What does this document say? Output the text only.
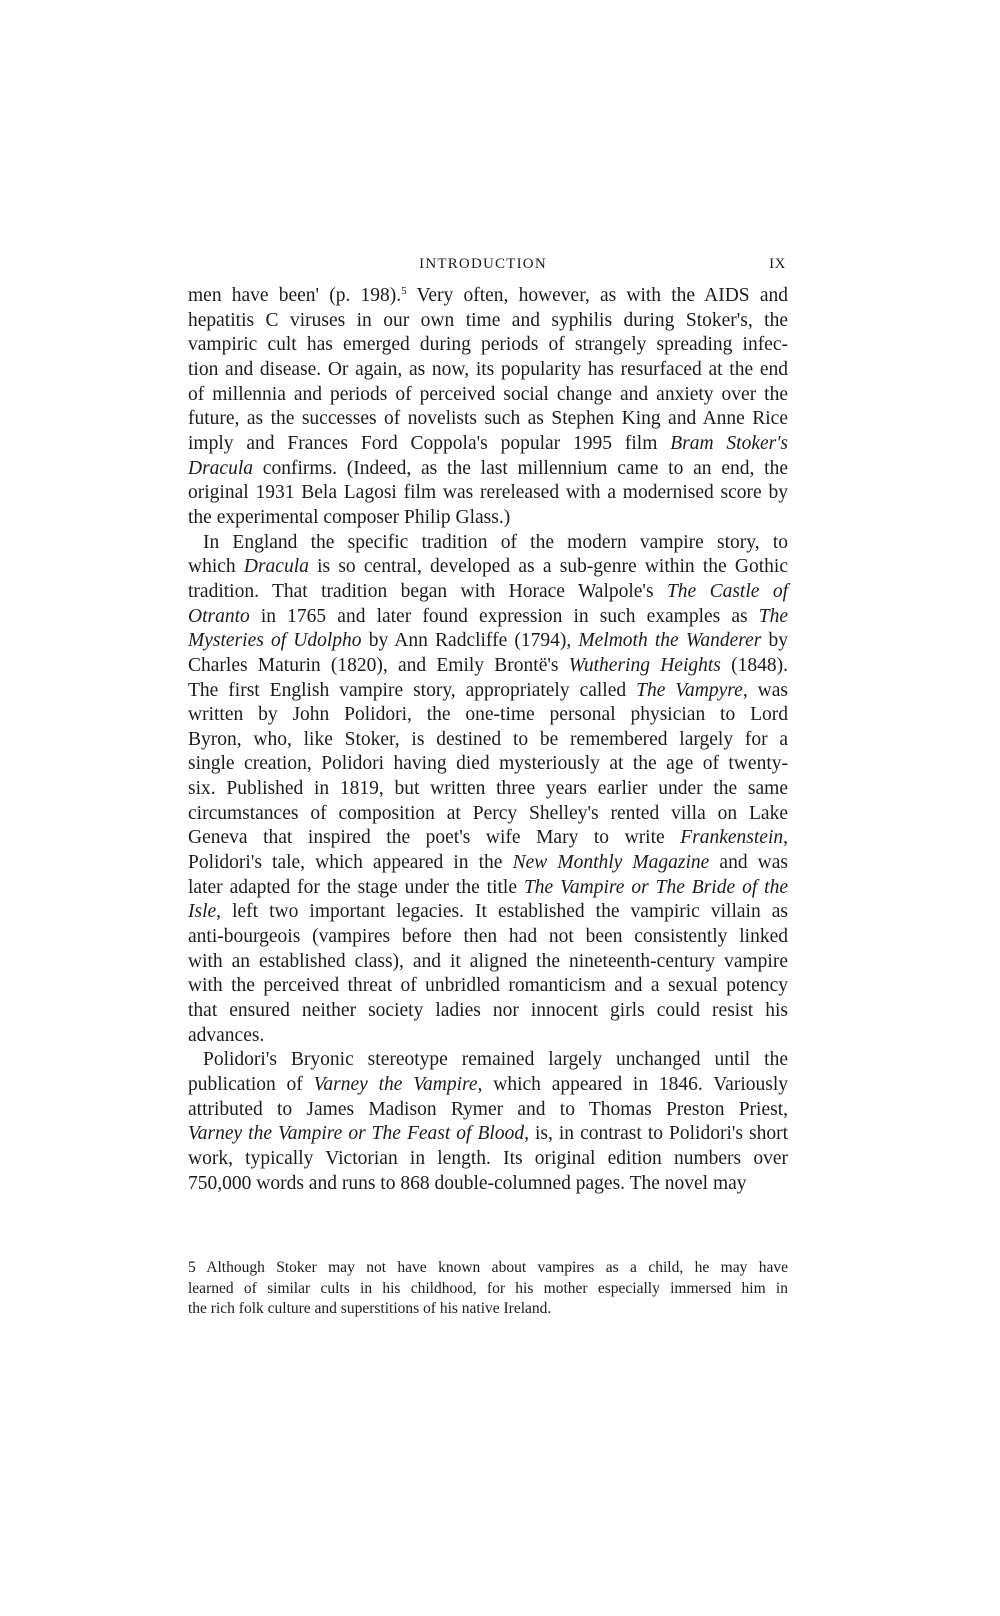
INTRODUCTION	IX
men have been' (p. 198).$^5$ Very often, however, as with the AIDS and
hepatitis C viruses in our own time and syphilis during Stoker's, the
vampiric cult has emerged during periods of strangely spreading infec-
tion and disease. Or again, as now, its popularity has resurfaced at the end
of millennia and periods of perceived social change and anxiety over the
future, as the successes of novelists such as Stephen King and Anne Rice
imply and Frances Ford Coppola's popular 1995 film Bram Stoker's
Dracula confirms. (Indeed, as the last millennium came to an end, the
original 1931 Bela Lagosi film was rereleased with a modernised score by
the experimental composer Philip Glass.)
In England the specific tradition of the modern vampire story, to
which Dracula is so central, developed as a sub-genre within the Gothic
tradition. That tradition began with Horace Walpole's The Castle of
Otranto in 1765 and later found expression in such examples as The
Mysteries of Udolpho by Ann Radcliffe (1794), Melmoth the Wanderer by
Charles Maturin (1820), and Emily Brontë's Wuthering Heights (1848).
The first English vampire story, appropriately called The Vampyre, was
written by John Polidori, the one-time personal physician to Lord
Byron, who, like Stoker, is destined to be remembered largely for a
single creation, Polidori having died mysteriously at the age of twenty-
six. Published in 1819, but written three years earlier under the same
circumstances of composition at Percy Shelley's rented villa on Lake
Geneva that inspired the poet's wife Mary to write Frankenstein,
Polidori's tale, which appeared in the New Monthly Magazine and was
later adapted for the stage under the title The Vampire or The Bride of the
Isle, left two important legacies. It established the vampiric villain as
anti-bourgeois (vampires before then had not been consistently linked
with an established class), and it aligned the nineteenth-century vampire
with the perceived threat of unbridled romanticism and a sexual potency
that ensured neither society ladies nor innocent girls could resist his
advances.
Polidori's Bryonic stereotype remained largely unchanged until the
publication of Varney the Vampire, which appeared in 1846. Variously
attributed to James Madison Rymer and to Thomas Preston Priest,
Varney the Vampire or The Feast of Blood, is, in contrast to Polidori's short
work, typically Victorian in length. Its original edition numbers over
750,000 words and runs to 868 double-columned pages. The novel may
5 Although Stoker may not have known about vampires as a child, he may have
learned of similar cults in his childhood, for his mother especially immersed him in
the rich folk culture and superstitions of his native Ireland.
